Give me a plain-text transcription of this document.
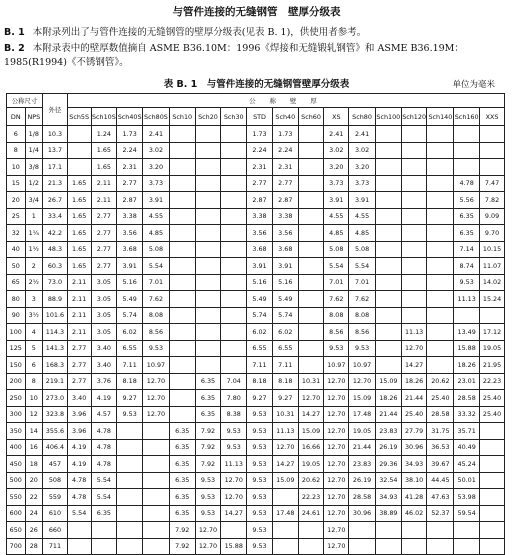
与管件连接的无缝钢管　壁厚分级表
B. 1 本附录列出了与管件连接的无缝钢管的壁厚分级表(见表 B. 1)，供使用者参考。
B. 2 本附录表中的壁厚数值摘自 ASME B36.10M：1996《焊接和无缝锻轧钢管》和 ASME B36.19M：1985(R1994)《不锈钢管》。
表 B. 1　与管件连接的无缝钢管壁厚分级表	单位为毫米
公称尺寸		外径	公 称 壁 厚																
DN	NPS		Sch5S	Sch10S	Sch40S	Sch80S	Sch10	Sch20	Sch30	STD	Sch40	Sch60	XS	Sch80	Sch100	Sch120	Sch140	Sch160	XXS
6	1/8	10.3		1.24	1.73	2.41				1.73	1.73		2.41	2.41					
8	1/4	13.7		1.65	2.24	3.02				2.24	2.24		3.02	3.02					
10	3/8	17.1		1.65	2.31	3.20				2.31	2.31		3.20	3.20					
15	1/2	21.3	1.65	2.11	2.77	3.73				2.77	2.77		3.73	3.73				4.78	7.47
20	3/4	26.7	1.65	2.11	2.87	3.91				2.87	2.87		3.91	3.91				5.56	7.82
25	1	33.4	1.65	2.77	3.38	4.55				3.38	3.38		4.55	4.55				6.35	9.09
32	1¼	42.2	1.65	2.77	3.56	4.85				3.56	3.56		4.85	4.85				6.35	9.70
40	1½	48.3	1.65	2.77	3.68	5.08				3.68	3.68		5.08	5.08				7.14	10.15
50	2	60.3	1.65	2.77	3.91	5.54				3.91	3.91		5.54	5.54				8.74	11.07
65	2½	73.0	2.11	3.05	5.16	7.01				5.16	5.16		7.01	7.01				9.53	14.02
80	3	88.9	2.11	3.05	5.49	7.62				5.49	5.49		7.62	7.62				11.13	15.24
90	3½	101.6	2.11	3.05	5.74	8.08				5.74	5.74		8.08	8.08					
100	4	114.3	2.11	3.05	6.02	8.56				6.02	6.02		8.56	8.56		11.13		13.49	17.12
125	5	141.3	2.77	3.40	6.55	9.53				6.55	6.55		9.53	9.53		12.70		15.88	19.05
150	6	168.3	2.77	3.40	7.11	10.97				7.11	7.11		10.97	10.97		14.27		18.26	21.95
200	8	219.1	2.77	3.76	8.18	12.70		6.35	7.04	8.18	8.18	10.31	12.70	12.70	15.09	18.26	20.62	23.01	22.23
250	10	273.0	3.40	4.19	9.27	12.70		6.35	7.80	9.27	9.27	12.70	12.70	15.09	18.26	21.44	25.40	28.58	25.40
300	12	323.8	3.96	4.57	9.53	12.70		6.35	8.38	9.53	10.31	14.27	12.70	17.48	21.44	25.40	28.58	33.32	25.40
350	14	355.6	3.96	4.78			6.35	7.92	9.53	9.53	11.13	15.09	12.70	19.05	23.83	27.79	31.75	35.71	
400	16	406.4	4.19	4.78			6.35	7.92	9.53	9.53	12.70	16.66	12.70	21.44	26.19	30.96	36.53	40.49	
450	18	457	4.19	4.78			6.35	7.92	11.13	9.53	14.27	19.05	12.70	23.83	29.36	34.93	39.67	45.24	
500	20	508	4.78	5.54			6.35	9.53	12.70	9.53	15.09	20.62	12.70	26.19	32.54	38.10	44.45	50.01	
550	22	559	4.78	5.54			6.35	9.53	12.70	9.53		22.23	12.70	28.58	34.93	41.28	47.63	53.98	
600	24	610	5.54	6.35			6.35	9.53	14.27	9.53	17.48	24.61	12.70	30.96	38.89	46.02	52.37	59.54	
650	26	660					7.92	12.70		9.53			12.70						
700	28	711					7.92	12.70	15.88	9.53			12.70						
